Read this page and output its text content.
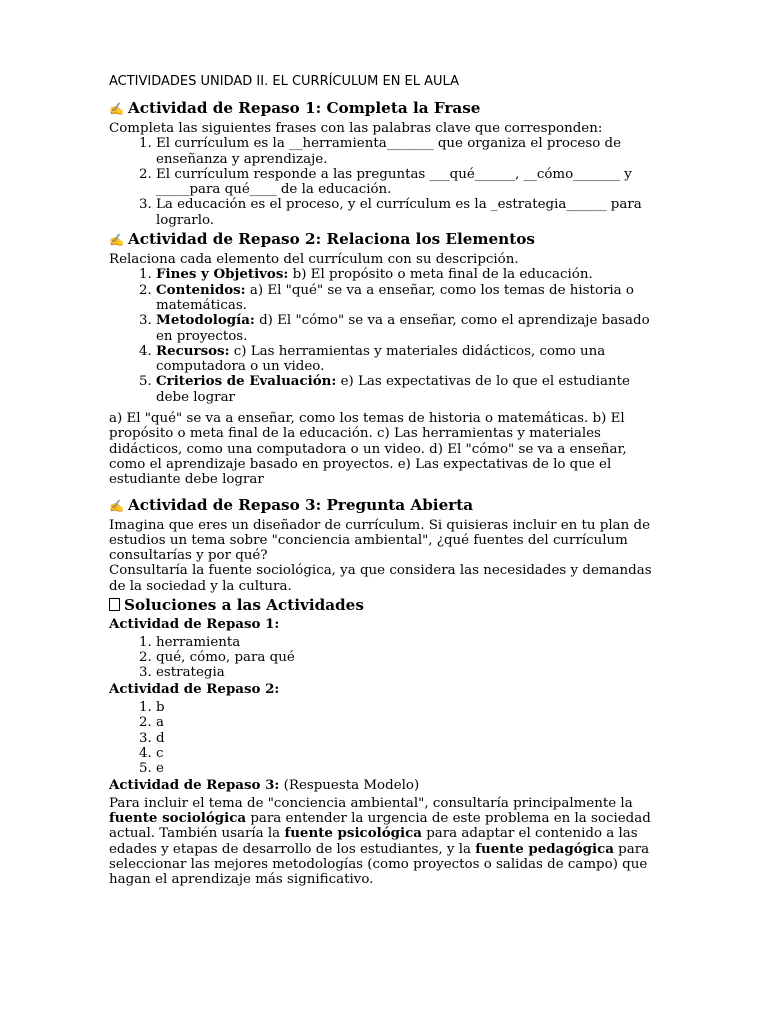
ACTIVIDADES UNIDAD II. EL CURRÍCULUM EN EL AULA
✍ Actividad de Repaso 1: Completa la Frase

Completa las siguientes frases con las palabras clave que corresponden:

1. El currículum es la __herramienta_______ que organiza el proceso de enseñanza y aprendizaje.
2. El currículum responde a las preguntas ___qué______, __cómo_______ y _____para qué____ de la educación.
3. La educación es el proceso, y el currículum es la _estrategia______ para lograrlo.
✍ Actividad de Repaso 2: Relaciona los Elementos

Relaciona cada elemento del currículum con su descripción.

1. Fines y Objetivos: b) El propósito o meta final de la educación.
2. Contenidos: a) El "qué" se va a enseñar, como los temas de historia o matemáticas.
3. Metodología: d) El "cómo" se va a enseñar, como el aprendizaje basado en proyectos.
4. Recursos: c) Las herramientas y materiales didácticos, como una computadora o un video.
5. Criterios de Evaluación: e) Las expectativas de lo que el estudiante debe lograr

a) El "qué" se va a enseñar, como los temas de historia o matemáticas. b) El propósito o meta final de la educación. c) Las herramientas y materiales didácticos, como una computadora o un video. d) El "cómo" se va a enseñar, como el aprendizaje basado en proyectos. e) Las expectativas de lo que el estudiante debe lograr

✍ Actividad de Repaso 3: Pregunta Abierta

Imagina que eres un diseñador de currículum. Si quisieras incluir en tu plan de estudios un tema sobre "conciencia ambiental", ¿qué fuentes del currículum consultarías y por qué?

Consultaría la fuente sociológica, ya que considera las necesidades y demandas de la sociedad y la cultura.

Soluciones a las Actividades
Actividad de Repaso 1:
1. herramienta
2. qué, cómo, para qué
3. estrategia
Actividad de Repaso 2:
1. b
2. a
3. d
4. c
5. e

Actividad de Repaso 3: (Respuesta Modelo)

Para incluir el tema de "conciencia ambiental", consultaría principalmente la fuente sociológica para entender la urgencia de este problema en la sociedad actual. También usaría la fuente psicológica para adaptar el contenido a las edades y etapas de desarrollo de los estudiantes, y la fuente pedagógica para seleccionar las mejores metodologías (como proyectos o salidas de campo) que hagan el aprendizaje más significativo.
